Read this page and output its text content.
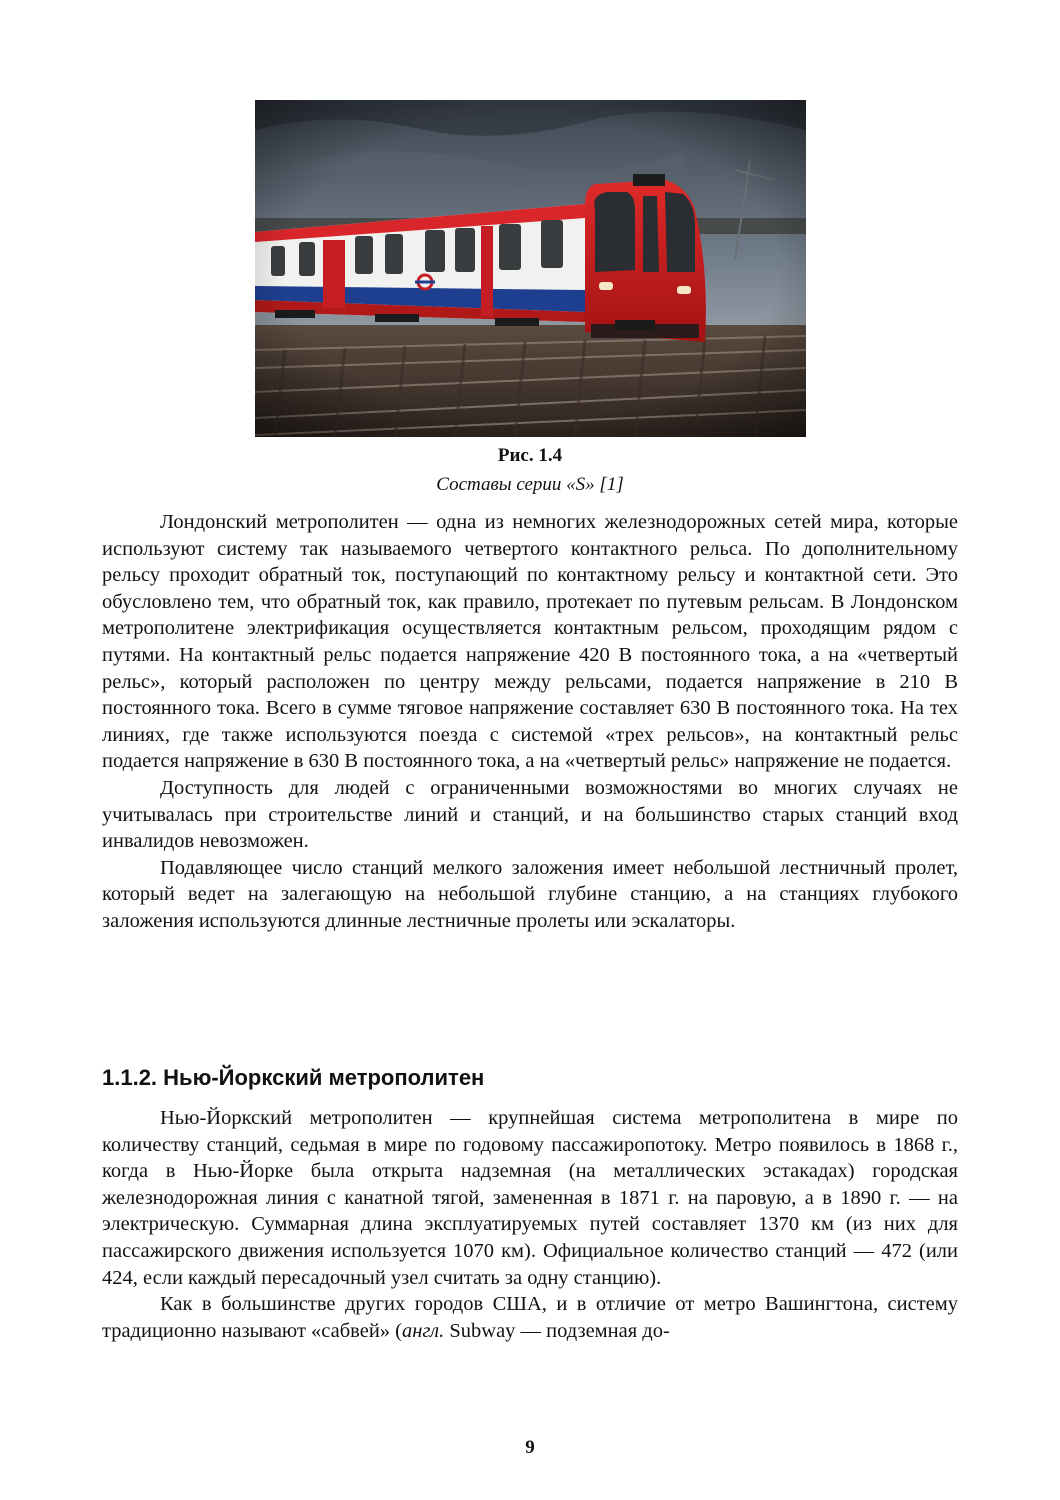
Рис. 1.4
Составы серии «S» [1]

Лондонский метрополитен — одна из немногих железнодорожных сетей мира, которые используют систему так называемого четвертого контактного рельса. По дополнительному рельсу проходит обратный ток, поступающий по контактному рельсу и контактной сети. Это обусловлено тем, что обратный ток, как правило, протекает по путевым рельсам. В Лондонском метрополитене электрификация осуществляется контактным рельсом, проходящим рядом с путями. На контактный рельс подается напряжение 420 В постоянного тока, а на «четвертый рельс», который расположен по центру между рельсами, подается напряжение в 210 В постоянного тока. Всего в сумме тяговое напряжение составляет 630 В постоянного тока. На тех линиях, где также используются поезда с системой «трех рельсов», на контактный рельс подается напряжение в 630 В постоянного тока, а на «четвертый рельс» напряжение не подается.

Доступность для людей с ограниченными возможностями во многих случаях не учитывалась при строительстве линий и станций, и на большинство старых станций вход инвалидов невозможен.

Подавляющее число станций мелкого заложения имеет небольшой лестничный пролет, который ведет на залегающую на небольшой глубине станцию, а на станциях глубокого заложения используются длинные лестничные пролеты или эскалаторы.

1.1.2. Нью-Йоркский метрополитен

Нью-Йоркский метрополитен — крупнейшая система метрополитена в мире по количеству станций, седьмая в мире по годовому пассажиропотоку. Метро появилось в 1868 г., когда в Нью-Йорке была открыта надземная (на металлических эстакадах) городская железнодорожная линия с канатной тягой, замененная в 1871 г. на паровую, а в 1890 г. — на электрическую. Суммарная длина эксплуатируемых путей составляет 1370 км (из них для пассажирского движения используется 1070 км). Официальное количество станций — 472 (или 424, если каждый пересадочный узел считать за одну станцию).

Как в большинстве других городов США, и в отличие от метро Вашингтона, систему традиционно называют «сабвей» (англ. Subway — подземная до-

9
